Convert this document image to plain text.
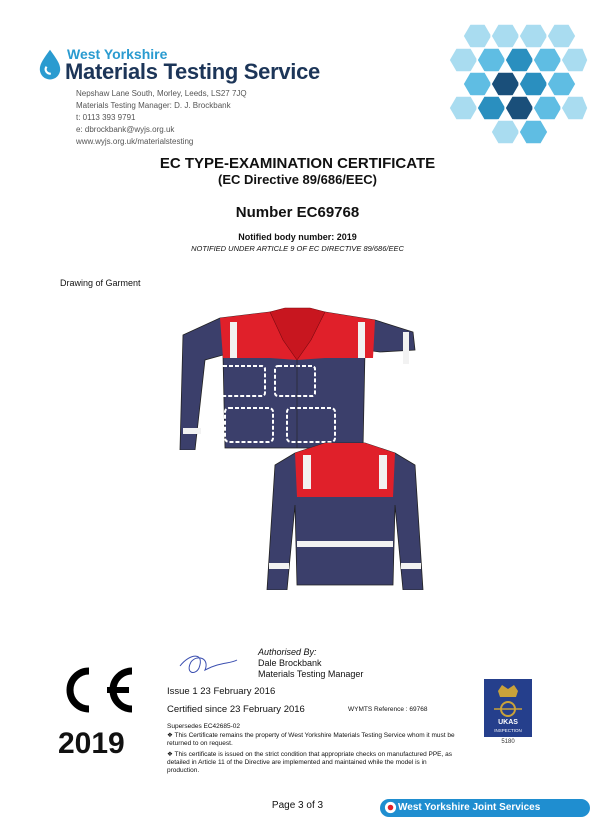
West Yorkshire
Materials Testing Service
Nepshaw Lane South, Morley, Leeds, LS27 7JQ
Materials Testing Manager: D. J. Brockbank
t: 0113 393 9791
e: dbrockbank@wyjs.org.uk
www.wyjs.org.uk/materialstesting
EC TYPE-EXAMINATION CERTIFICATE
(EC Directive 89/686/EEC)
Number EC69768
Notified body number: 2019
NOTIFIED UNDER ARTICLE 9 OF EC DIRECTIVE 89/686/EEC
Drawing of Garment
Authorised By:
Dale Brockbank
Materials Testing Manager
2019
Issue 1 23 February 2016
Certified since 23 February 2016	WYMTS Reference : 69768
Supersedes EC42685-02
❖ This Certificate remains the property of West Yorkshire Materials Testing Service whom it must be returned to on request.
❖ This certificate is issued on the strict condition that appropriate checks on manufactured PPE, as detailed in Article 11 of the Directive are implemented and maintained while the model is in production.
UKAS
INSPECTION
5180
Page 3 of 3	West Yorkshire Joint Services
